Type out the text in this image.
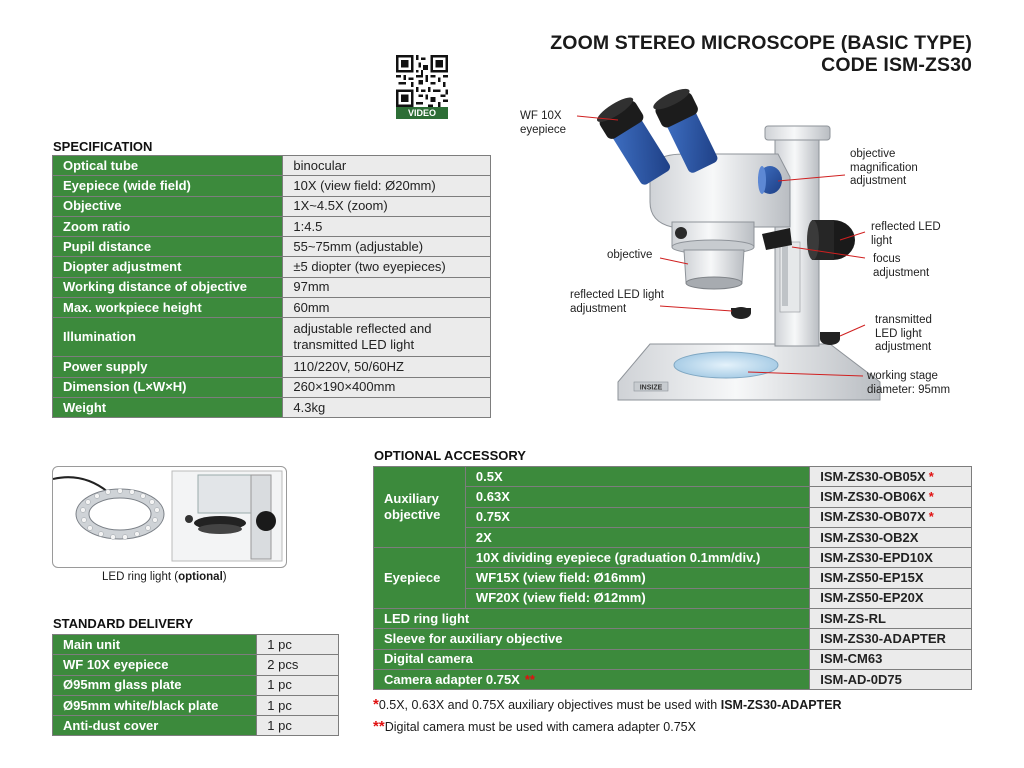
ZOOM STEREO MICROSCOPE (BASIC TYPE)
CODE ISM-ZS30
VIDEO
SPECIFICATION
Optical tube	binocular
Eyepiece (wide field)	10X (view field: Ø20mm)
Objective	1X~4.5X (zoom)
Zoom ratio	1:4.5
Pupil distance	55~75mm (adjustable)
Diopter adjustment	±5 diopter (two eyepieces)
Working distance of objective	97mm
Max. workpiece height	60mm
Illumination	adjustable reflected and transmitted LED light
Power supply	110/220V, 50/60HZ
Dimension (L×W×H)	260×190×400mm
Weight	4.3kg
INSIZE
WF 10X eyepiece
objective magnification adjustment
reflected LED light
focus adjustment
objective
reflected LED light adjustment
transmitted LED light adjustment
working stage diameter: 95mm
LED ring light (optional)
STANDARD DELIVERY
Main unit	1 pc
WF 10X eyepiece	2 pcs
Ø95mm glass plate	1 pc
Ø95mm white/black plate	1 pc
Anti-dust cover	1 pc
OPTIONAL ACCESSORY
Auxiliary objective	0.5X	ISM-ZS30-OB05X *
	0.63X	ISM-ZS30-OB06X *
	0.75X	ISM-ZS30-OB07X *
	2X	ISM-ZS30-OB2X
Eyepiece	10X dividing eyepiece (graduation 0.1mm/div.)	ISM-ZS30-EPD10X
	WF15X (view field: Ø16mm)	ISM-ZS50-EP15X
	WF20X (view field: Ø12mm)	ISM-ZS50-EP20X
LED ring light		ISM-ZS-RL
Sleeve for auxiliary objective		ISM-ZS30-ADAPTER
Digital camera		ISM-CM63
Camera adapter 0.75X **		ISM-AD-0D75
*0.5X, 0.63X and 0.75X auxiliary objectives must be used with ISM-ZS30-ADAPTER
**Digital camera must be used with camera adapter 0.75X
